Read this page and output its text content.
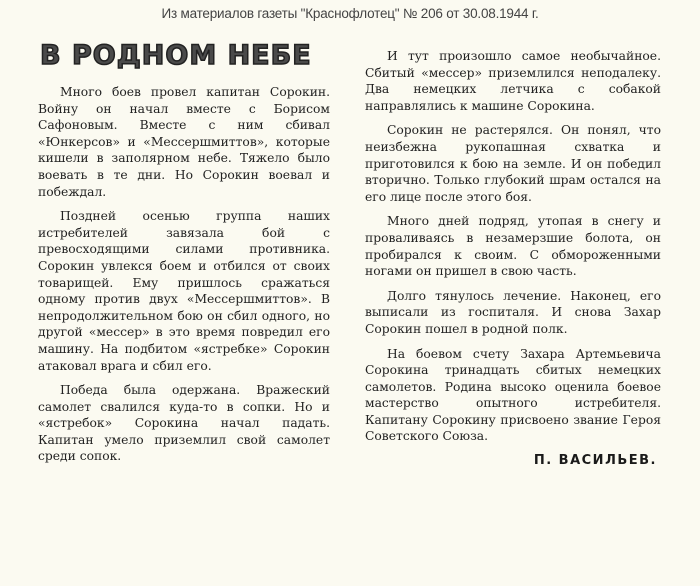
Из материалов газеты "Краснофлотец" № 206 от 30.08.1944 г.
В РОДНОМ НЕБЕ

Много боев провел капитан Сорокин. Войну он начал вместе с Борисом Сафоновым. Вместе с ним сбивал «Юнкерсов» и «Мессершмиттов», которые кишели в заполярном небе. Тяжело было воевать в те дни. Но Сорокин воевал и побеждал.

Поздней осенью группа наших истребителей завязала бой с превосходящими силами противника. Сорокин увлекся боем и отбился от своих товарищей. Ему пришлось сражаться одному против двух «Мессершмиттов». В непродолжительном бою он сбил одного, но другой «мессер» в это время повредил его машину. На подбитом «ястребке» Сорокин атаковал врага и сбил его.

Победа была одержана. Вражеский самолет свалился куда-то в сопки. Но и «ястребок» Сорокина начал падать. Капитан умело приземлил свой самолет среди сопок.

И тут произошло самое необычайное. Сбитый «мессер» приземлился неподалеку. Два немецких летчика с собакой направлялись к машине Сорокина.

Сорокин не растерялся. Он понял, что неизбежна рукопашная схватка и приготовился к бою на земле. И он победил вторично. Только глубокий шрам остался на его лице после этого боя.

Много дней подряд, утопая в снегу и проваливаясь в незамерзшие болота, он пробирался к своим. С обмороженными ногами он пришел в свою часть.

Долго тянулось лечение. Наконец, его выписали из госпиталя. И снова Захар Сорокин пошел в родной полк.

На боевом счету Захара Артемьевича Сорокина тринадцать сбитых немецких самолетов. Родина высоко оценила боевое мастерство опытного истребителя. Капитану Сорокину присвоено звание Героя Советского Союза.

П. ВАСИЛЬЕВ.
